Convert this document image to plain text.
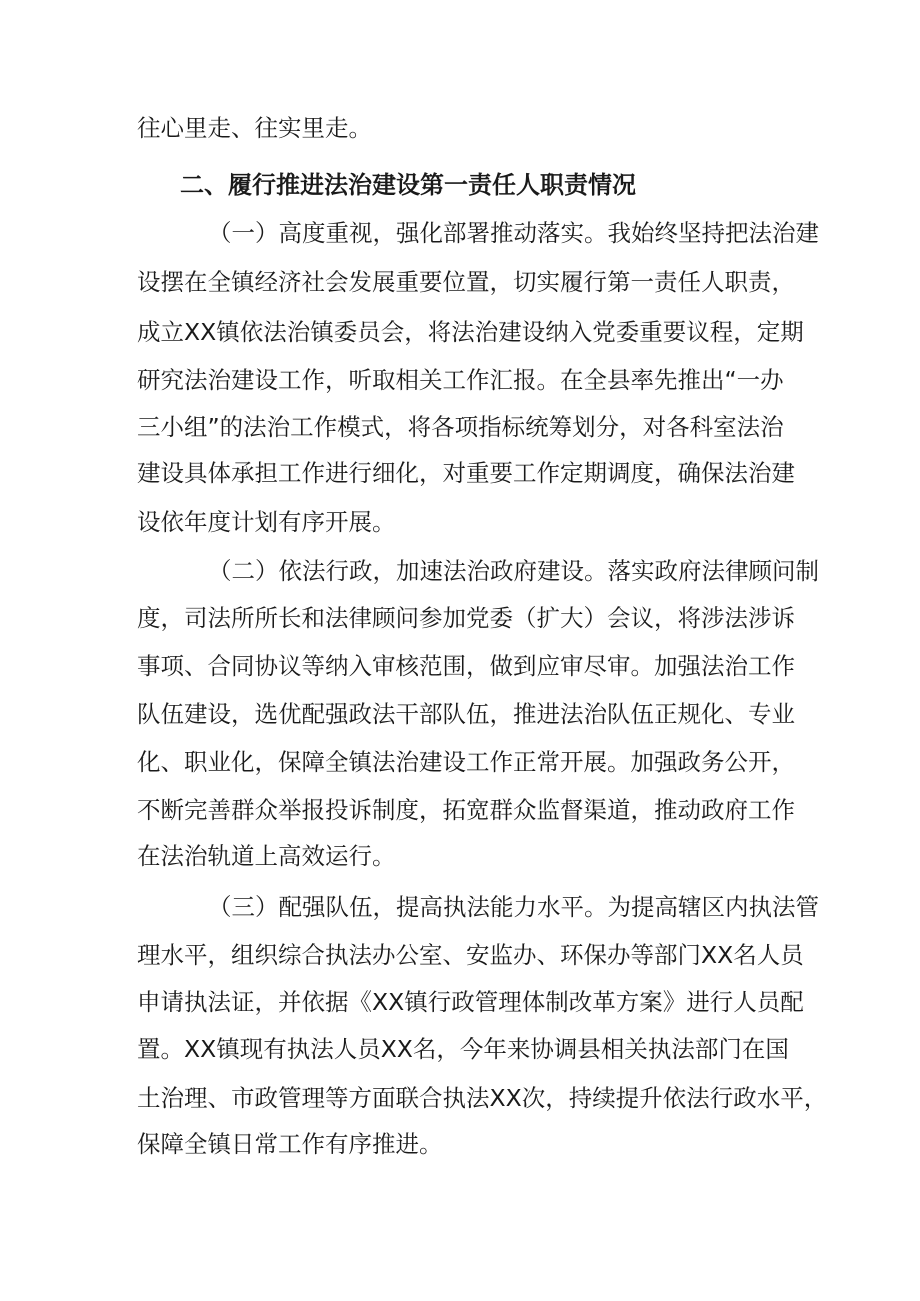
往心里走、往实里走。
二、履行推进法治建设第一责任人职责情况
（一）高度重视，强化部署推动落实。我始终坚持把法治建
设摆在全镇经济社会发展重要位置，切实履行第一责任人职责，
成立XX镇依法治镇委员会，将法治建设纳入党委重要议程，定期
研究法治建设工作，听取相关工作汇报。在全县率先推出“一办
三小组”的法治工作模式，将各项指标统筹划分，对各科室法治
建设具体承担工作进行细化，对重要工作定期调度，确保法治建
设依年度计划有序开展。
（二）依法行政，加速法治政府建设。落实政府法律顾问制
度，司法所所长和法律顾问参加党委（扩大）会议，将涉法涉诉
事项、合同协议等纳入审核范围，做到应审尽审。加强法治工作
队伍建设，选优配强政法干部队伍，推进法治队伍正规化、专业
化、职业化，保障全镇法治建设工作正常开展。加强政务公开，
不断完善群众举报投诉制度，拓宽群众监督渠道，推动政府工作
在法治轨道上高效运行。
（三）配强队伍，提高执法能力水平。为提高辖区内执法管
理水平，组织综合执法办公室、安监办、环保办等部门XX名人员
申请执法证，并依据《XX镇行政管理体制改革方案》进行人员配
置。XX镇现有执法人员XX名，今年来协调县相关执法部门在国
土治理、市政管理等方面联合执法XX次，持续提升依法行政水平，
保障全镇日常工作有序推进。
